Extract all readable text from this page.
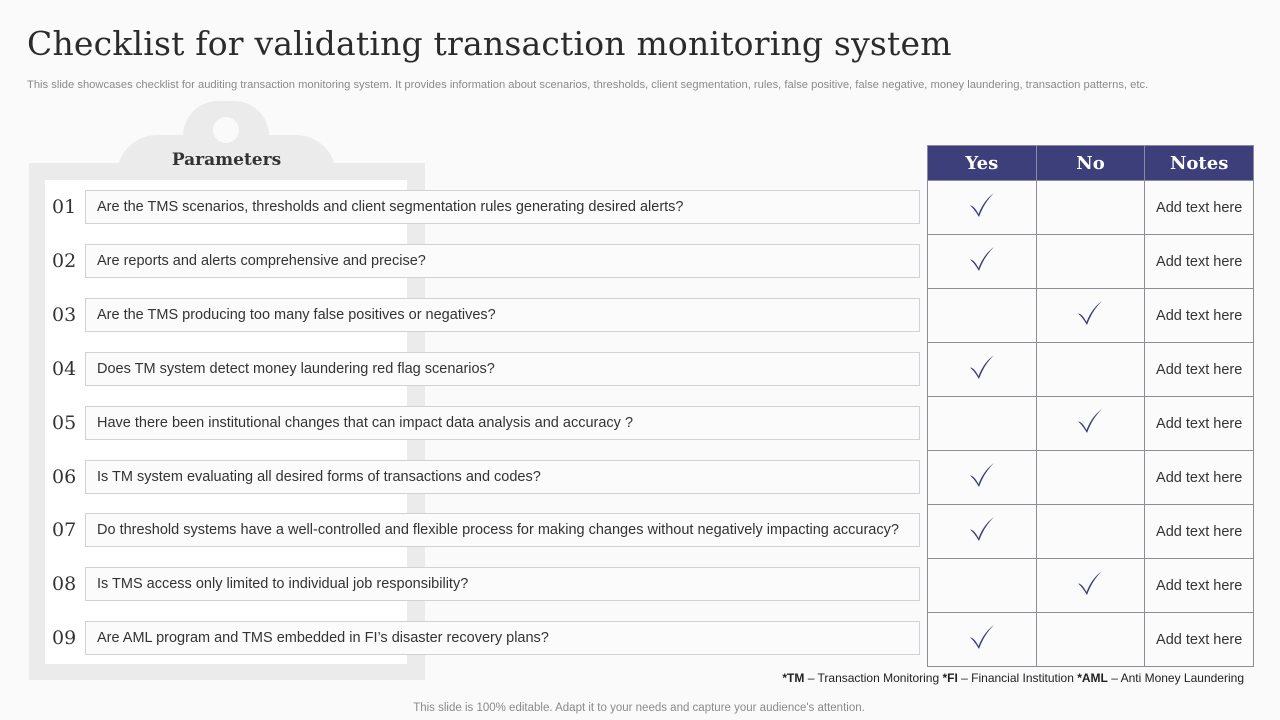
Checklist for validating transaction monitoring system
This slide showcases checklist for auditing transaction monitoring system. It provides information about scenarios, thresholds, client segmentation, rules, false positive, false negative, money laundering, transaction patterns, etc.
Parameters
01	Are the TMS scenarios, thresholds and client segmentation rules generating desired alerts?
02	Are reports and alerts comprehensive and precise?
03	Are the TMS producing too many false positives or negatives?
04	Does TM system detect money laundering red flag scenarios?
05	Have there been institutional changes that can impact data analysis and accuracy ?
06	Is TM system evaluating all desired forms of transactions and codes?
07	Do threshold systems have a well-controlled and flexible process for making changes without negatively impacting accuracy?
08	Is TMS access only limited to individual job responsibility?
09	Are AML program and TMS embedded in FI’s disaster recovery plans?
Yes	No	Notes
		Add text here
		Add text here
		Add text here
		Add text here
		Add text here
		Add text here
		Add text here
		Add text here
		Add text here
*TM – Transaction Monitoring *FI – Financial Institution *AML – Anti Money Laundering
This slide is 100% editable. Adapt it to your needs and capture your audience's attention.
